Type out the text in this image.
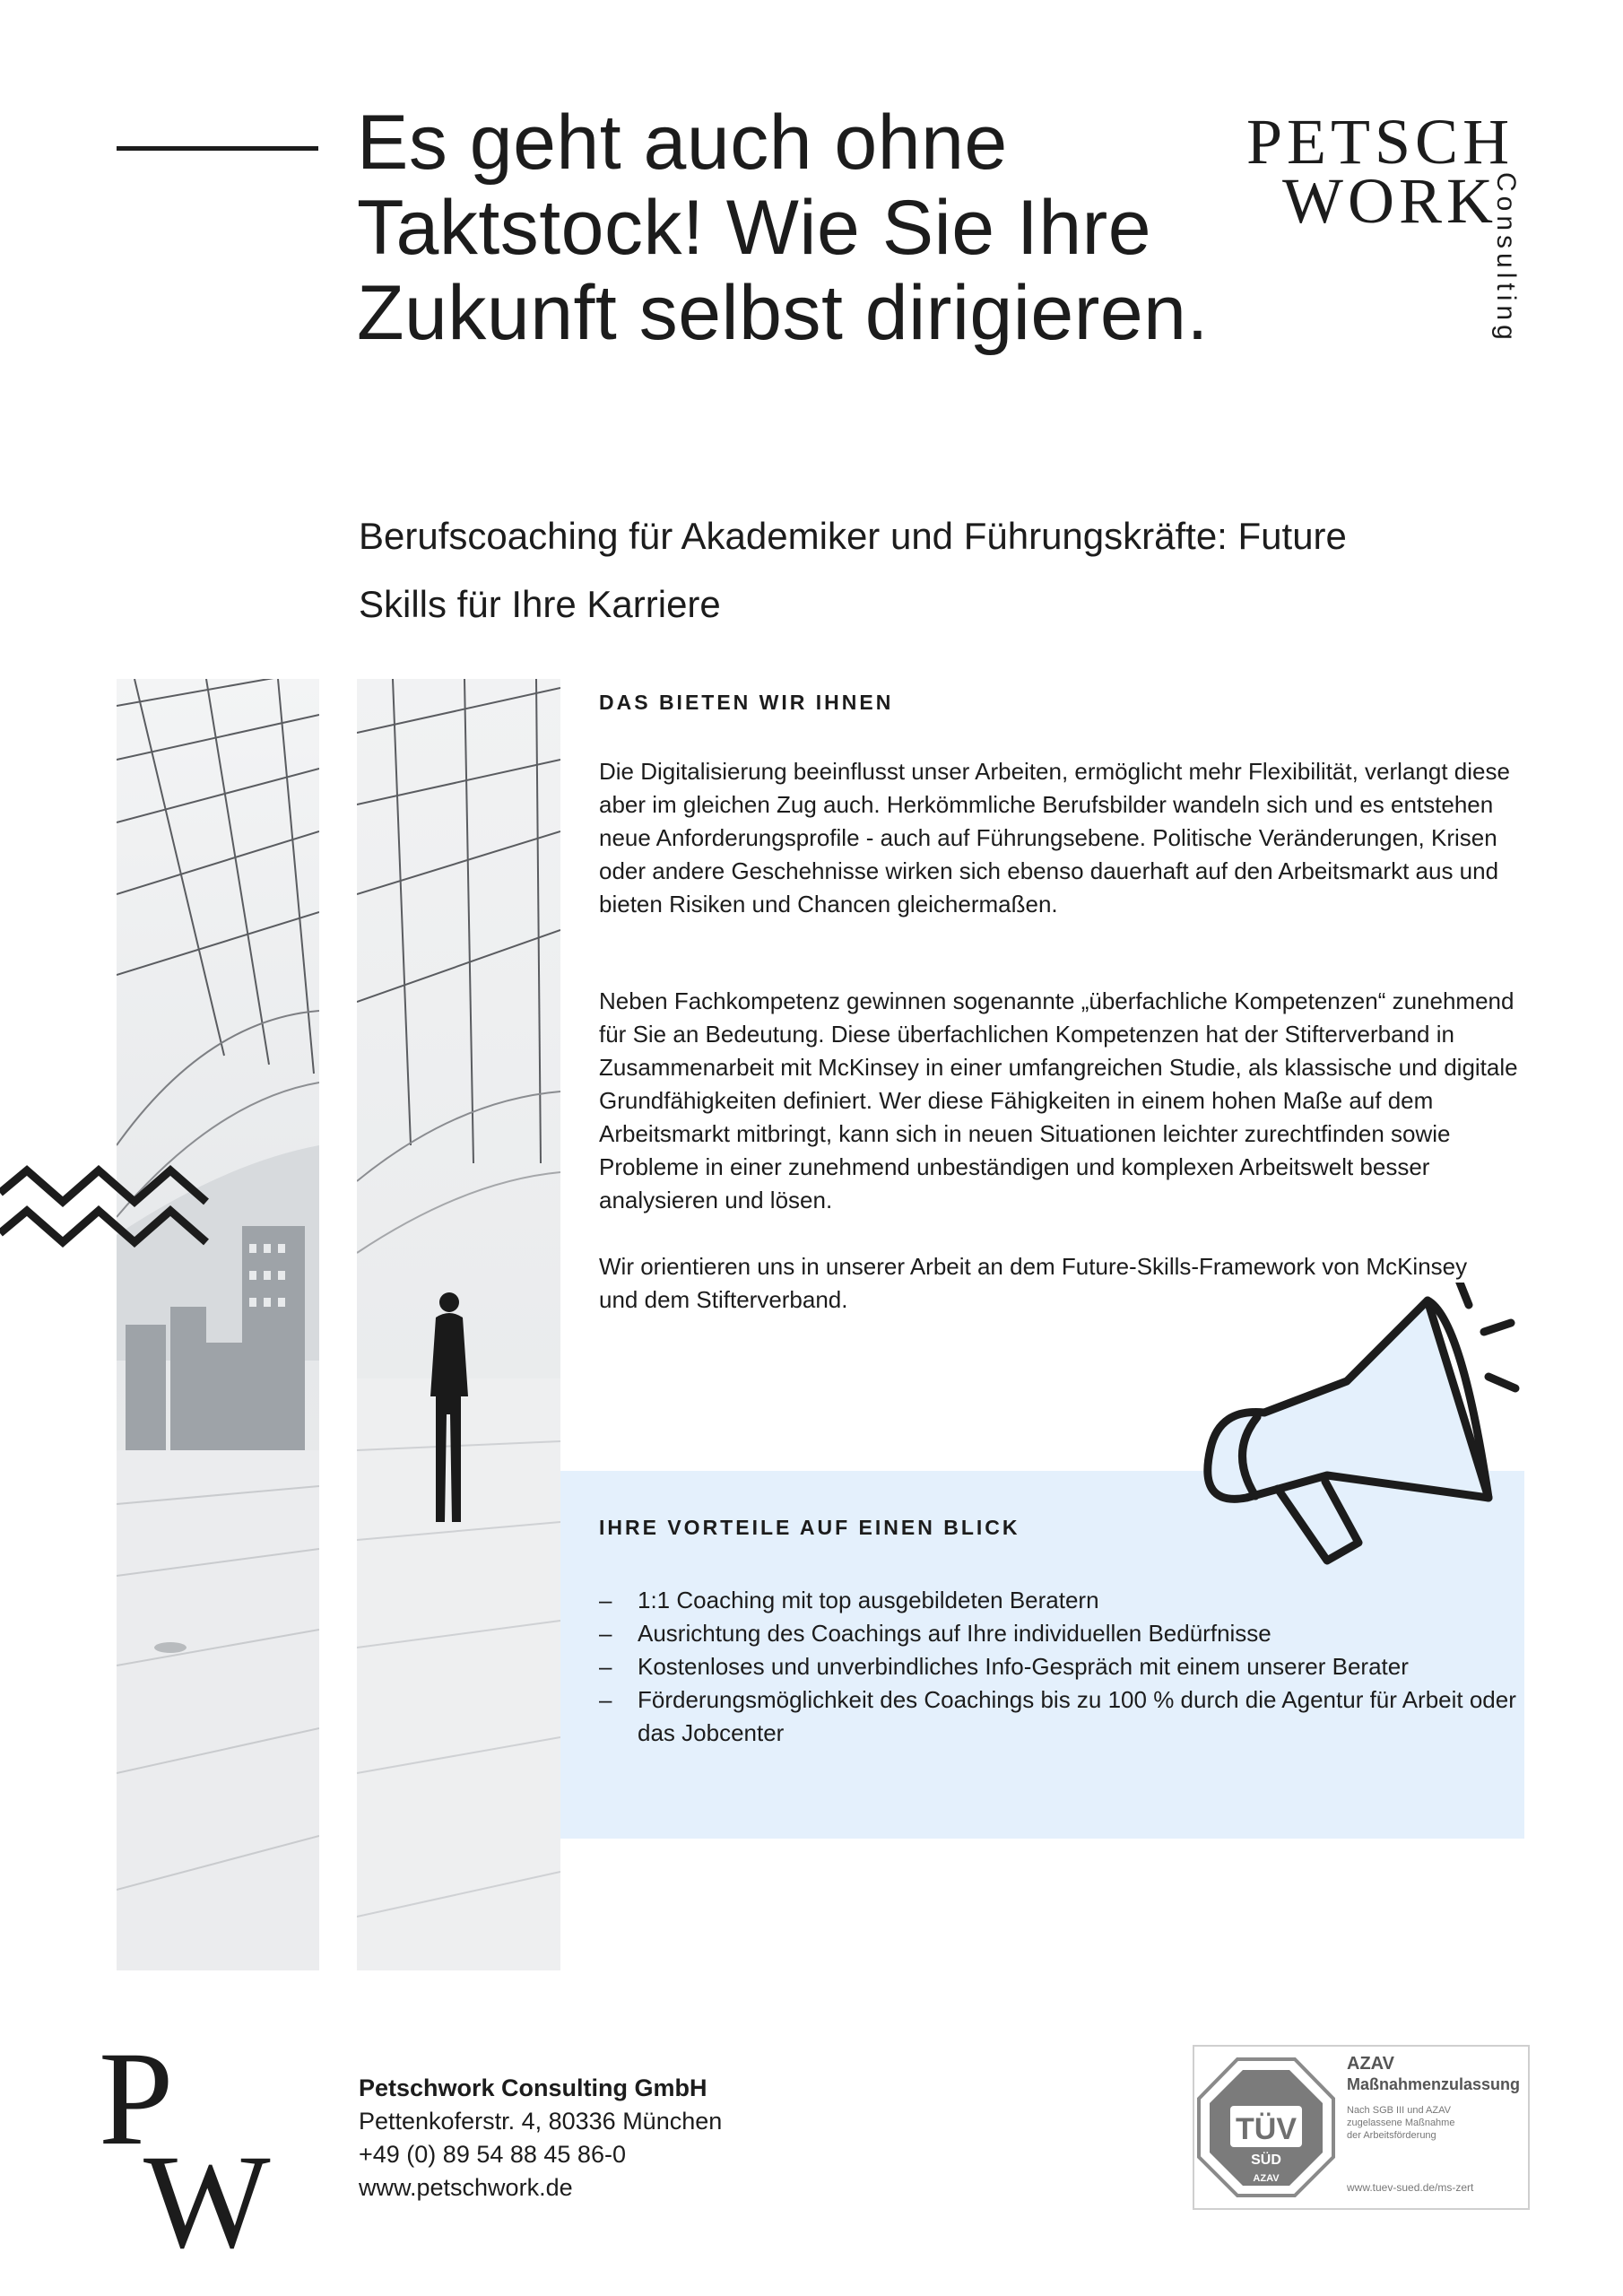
Es geht auch ohne Taktstock! Wie Sie Ihre Zukunft selbst dirigieren.

Berufscoaching für Akademiker und Führungskräfte: Future Skills für Ihre Karriere

PETSCH
WORK
Consulting
DAS BIETEN WIR IHNEN

Die Digitalisierung beeinflusst unser Arbeiten, ermöglicht mehr Flexibilität, verlangt diese aber im gleichen Zug auch. Herkömmliche Berufsbilder wandeln sich und es entstehen neue Anforderungsprofile - auch auf Führungsebene. Politische Veränderungen, Krisen oder andere Geschehnisse wirken sich ebenso dauerhaft auf den Arbeitsmarkt aus und bieten Risiken und Chancen gleichermaßen.

Neben Fachkompetenz gewinnen sogenannte „überfachliche Kompetenzen“ zunehmend für Sie an Bedeutung. Diese überfachlichen Kompetenzen hat der Stifterverband in Zusammenarbeit mit McKinsey in einer umfangreichen Studie, als klassische und digitale Grundfähigkeiten definiert. Wer diese Fähigkeiten in einem hohen Maße auf dem Arbeitsmarkt mitbringt, kann sich in neuen Situationen leichter zurechtfinden sowie Probleme in einer zunehmend unbeständigen und komplexen Arbeitswelt besser analysieren und lösen.

Wir orientieren uns in unserer Arbeit an dem Future-Skills-Framework von McKinsey und dem Stifterverband.

IHRE VORTEILE AUF EINEN BLICK
– 1:1 Coaching mit top ausgebildeten Beratern
– Ausrichtung des Coachings auf Ihre individuellen Bedürfnisse
– Kostenloses und unverbindliches Info-Gespräch mit einem unserer Berater
– Förderungsmöglichkeit des Coachings bis zu 100 % durch die Agentur für Arbeit oder das Jobcenter
P
W
Petschwork Consulting GmbH
Pettenkoferstr. 4, 80336 München
+49 (0) 89 54 88 45 86-0
www.petschwork.de
TÜV
SÜD
AZAV
AZAV
Maßnahmenzulassung
Nach SGB III und AZAV
zugelassene Maßnahme
der Arbeitsförderung
www.tuev-sued.de/ms-zert
